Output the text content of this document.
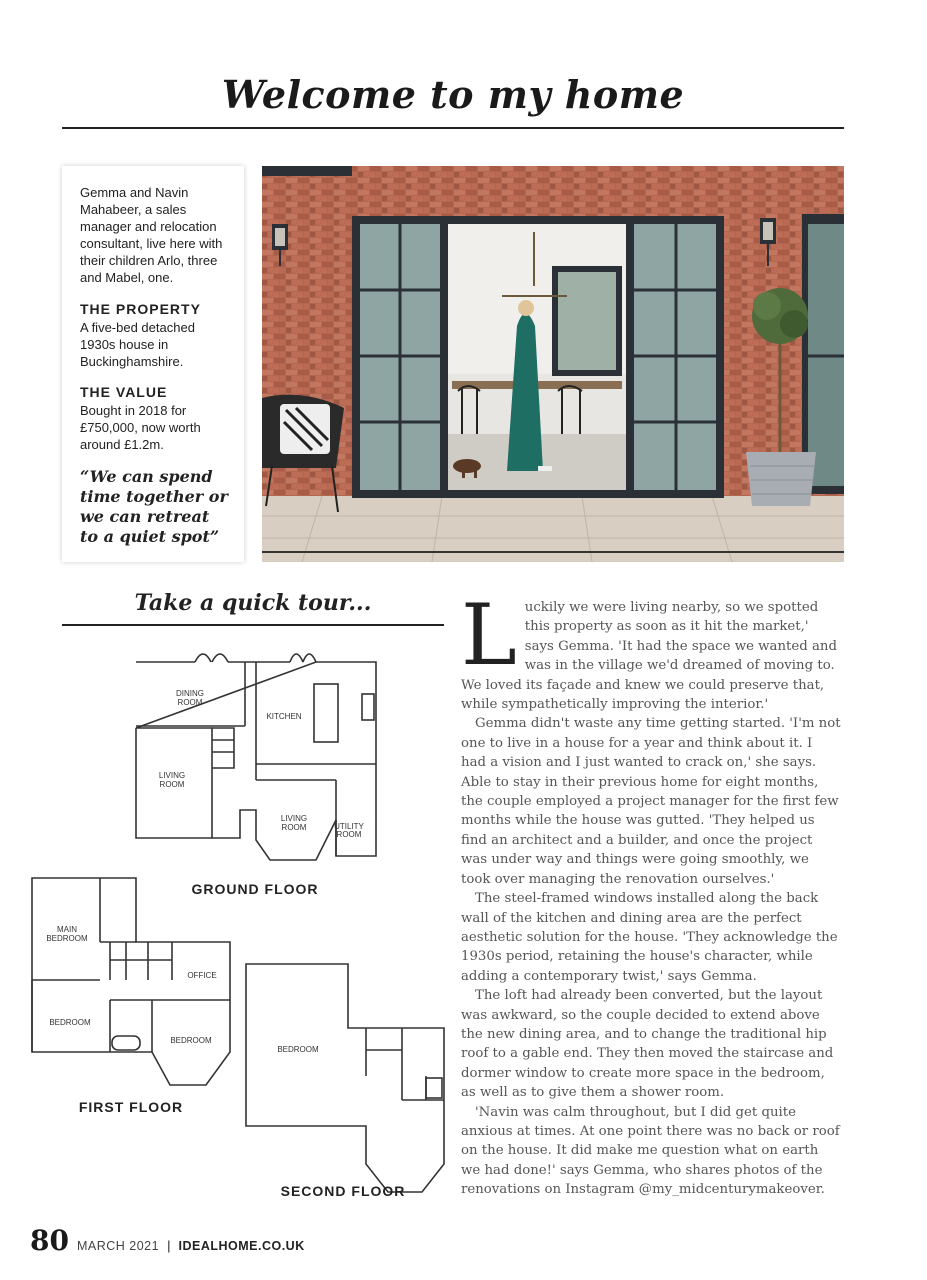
Welcome to my home

Gemma and Navin Mahabeer, a sales manager and relocation consultant, live here with their children Arlo, three and Mabel, one.

THE PROPERTY

A five-bed detached 1930s house in Buckinghamshire.

THE VALUE

Bought in 2018 for £750,000, now worth around £1.2m.

“We can spend time together or we can retreat to a quiet spot”

Take a quick tour...
DINING
ROOM
KITCHEN
LIVING
ROOM
LIVING
ROOM	UTILITY
ROOM
GROUND FLOOR
MAIN
BEDROOM
OFFICE
BEDROOM
BEDROOM
FIRST FLOOR
BEDROOM
SECOND FLOOR
L uckily we were living nearby, so we spotted this property as soon as it hit the market,' says Gemma. 'It had the space we wanted and was in the village we'd dreamed of moving to. We loved its façade and knew we could preserve that, while sympathetically improving the interior.'

Gemma didn't waste any time getting started. 'I'm not one to live in a house for a year and think about it. I had a vision and I just wanted to crack on,' she says. Able to stay in their previous home for eight months, the couple employed a project manager for the first few months while the house was gutted. 'They helped us find an architect and a builder, and once the project was under way and things were going smoothly, we took over managing the renovation ourselves.'

The steel-framed windows installed along the back wall of the kitchen and dining area are the perfect aesthetic solution for the house. 'They acknowledge the 1930s period, retaining the house's character, while adding a contemporary twist,' says Gemma.

The loft had already been converted, but the layout was awkward, so the couple decided to extend above the new dining area, and to change the traditional hip roof to a gable end. They then moved the staircase and dormer window to create more space in the bedroom, as well as to give them a shower room.

'Navin was calm throughout, but I did get quite anxious at times. At one point there was no back or roof on the house. It did make me question what on earth we had done!' says Gemma, who shares photos of the renovations on Instagram @my_midcenturymakeover.

80 MARCH 2021 | IDEALHOME.CO.UK
